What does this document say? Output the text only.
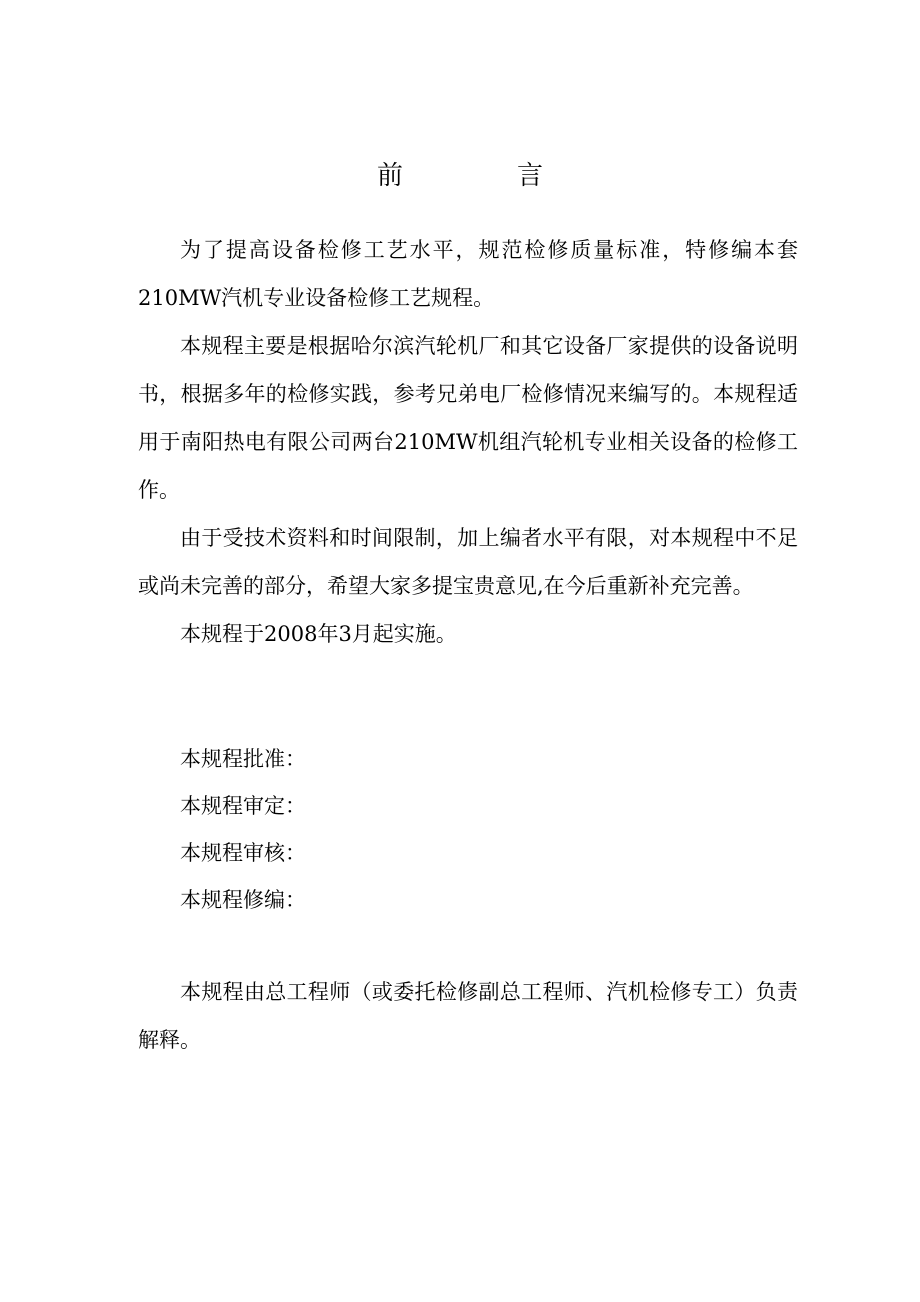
前　言

为了提高设备检修工艺水平，规范检修质量标准，特修编本套210MW汽机专业设备检修工艺规程。

本规程主要是根据哈尔滨汽轮机厂和其它设备厂家提供的设备说明书，根据多年的检修实践，参考兄弟电厂检修情况来编写的。本规程适用于南阳热电有限公司两台210MW机组汽轮机专业相关设备的检修工作。

由于受技术资料和时间限制，加上编者水平有限，对本规程中不足或尚未完善的部分，希望大家多提宝贵意见,在今后重新补充完善。

本规程于2008年3月起实施。

本规程批准：

本规程审定：

本规程审核：

本规程修编：

本规程由总工程师（或委托检修副总工程师、汽机检修专工）负责解释。
